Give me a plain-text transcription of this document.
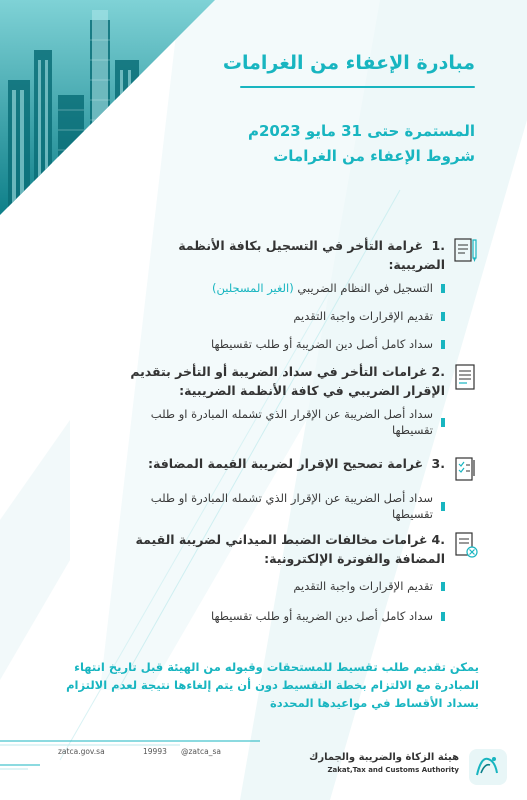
مبادرة الإعفاء من الغرامات
المستمرة حتى 31 مايو 2023م
شروط الإعفاء من الغرامات
.1 غرامة التأخر في التسجيل بكافة الأنظمة الضريبية:
التسجيل في النظام الضريبي

(الغير المسجلين)
تقديم الإقرارات واجبة التقديم
سداد كامل أصل دين الضريبة أو طلب تقسيطها
.2غرامات التأخر في سداد الضريبة أو التأخر بتقديم
الإقرار الضريبي في كافة الأنظمة الضريبية:
سداد أصل الضريبة عن الإقرار الذي تشمله المبادرة او طلب تقسيطها
.3 غرامة تصحيح الإقرار لضريبة القيمة المضافة:
سداد أصل الضريبة عن الإقرار الذي تشمله المبادرة او طلب تقسيطها
.4غرامات مخالفات الضبط الميداني لضريبة القيمة
المضافة والفوترة الإلكترونية:
تقديم الإقرارات واجبة التقديم
سداد كامل أصل دين الضريبة أو طلب تقسيطها
يمكن تقديم طلب تقسيط للمستحقات وقبوله من الهيئة قبل تاريخ انتهاء المبادرة مع الالتزام بخطة التقسيط دون أن يتم إلغاءها نتيجة لعدم الالتزام بسداد الأقساط في مواعيدها المحددة
zatca.gov.sa	19993 @zatca_sa
هيئة الزكاة والضريبة والجمارك
Zakat,Tax and Customs Authority
